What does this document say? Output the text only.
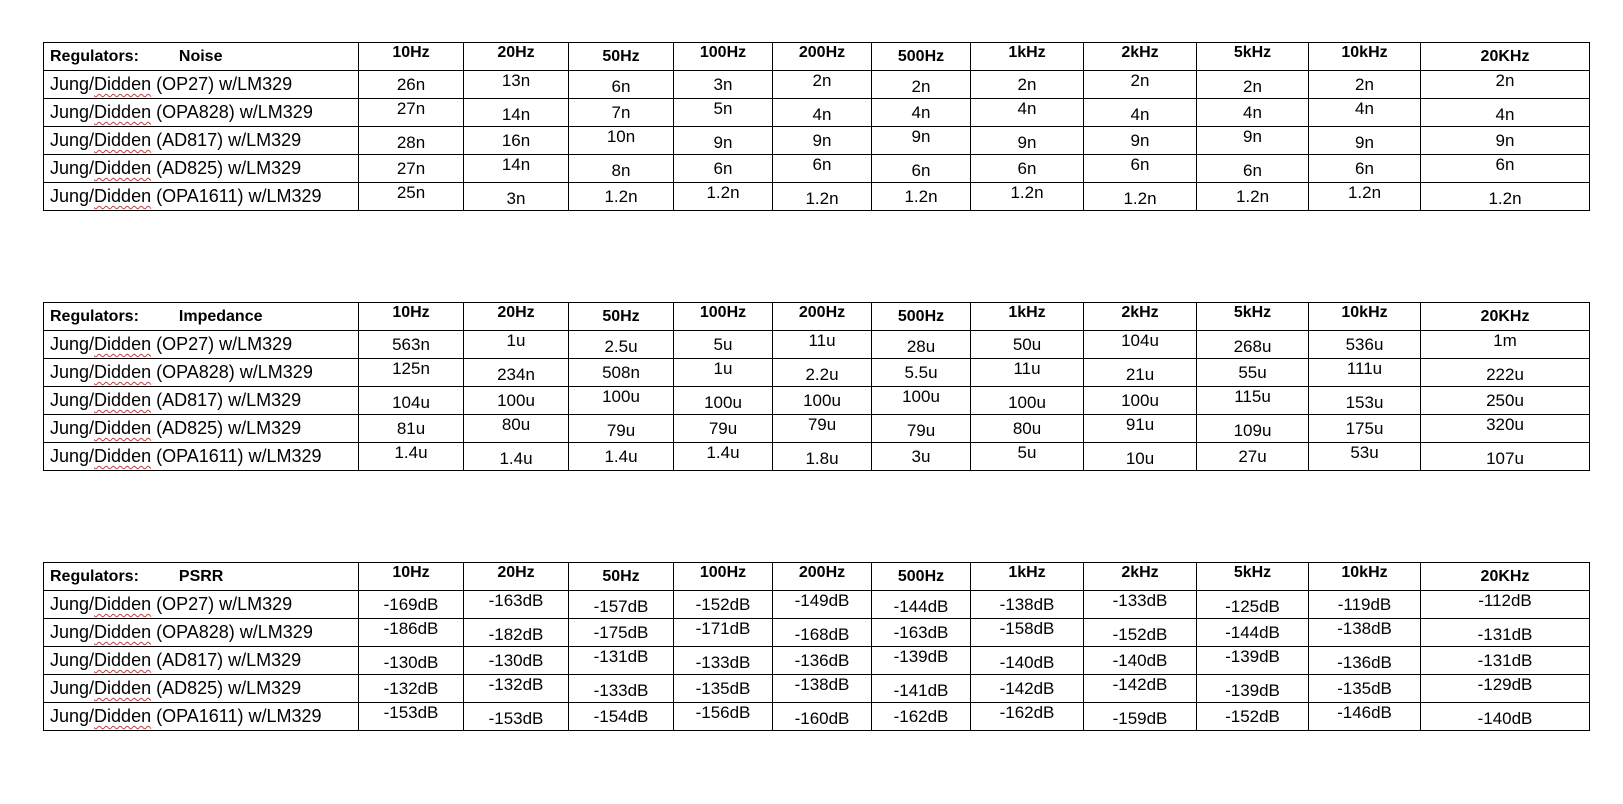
Regulators: Noise	10Hz	20Hz	50Hz	100Hz	200Hz	500Hz	1kHz	2kHz	5kHz	10kHz	20KHz
Jung/Didden (OP27) w/LM329	26n	13n	6n	3n	2n	2n	2n	2n	2n	2n	2n
Jung/Didden (OPA828) w/LM329	27n	14n	7n	5n	4n	4n	4n	4n	4n	4n	4n
Jung/Didden (AD817) w/LM329	28n	16n	10n	9n	9n	9n	9n	9n	9n	9n	9n
Jung/Didden (AD825) w/LM329	27n	14n	8n	6n	6n	6n	6n	6n	6n	6n	6n
Jung/Didden (OPA1611) w/LM329	25n	3n	1.2n	1.2n	1.2n	1.2n	1.2n	1.2n	1.2n	1.2n	1.2n
Regulators: Impedance	10Hz	20Hz	50Hz	100Hz	200Hz	500Hz	1kHz	2kHz	5kHz	10kHz	20KHz
Jung/Didden (OP27) w/LM329	563n	1u	2.5u	5u	11u	28u	50u	104u	268u	536u	1m
Jung/Didden (OPA828) w/LM329	125n	234n	508n	1u	2.2u	5.5u	11u	21u	55u	111u	222u
Jung/Didden (AD817) w/LM329	104u	100u	100u	100u	100u	100u	100u	100u	115u	153u	250u
Jung/Didden (AD825) w/LM329	81u	80u	79u	79u	79u	79u	80u	91u	109u	175u	320u
Jung/Didden (OPA1611) w/LM329	1.4u	1.4u	1.4u	1.4u	1.8u	3u	5u	10u	27u	53u	107u
Regulators: PSRR	10Hz	20Hz	50Hz	100Hz	200Hz	500Hz	1kHz	2kHz	5kHz	10kHz	20KHz
Jung/Didden (OP27) w/LM329	-169dB	-163dB	-157dB	-152dB	-149dB	-144dB	-138dB	-133dB	-125dB	-119dB	-112dB
Jung/Didden (OPA828) w/LM329	-186dB	-182dB	-175dB	-171dB	-168dB	-163dB	-158dB	-152dB	-144dB	-138dB	-131dB
Jung/Didden (AD817) w/LM329	-130dB	-130dB	-131dB	-133dB	-136dB	-139dB	-140dB	-140dB	-139dB	-136dB	-131dB
Jung/Didden (AD825) w/LM329	-132dB	-132dB	-133dB	-135dB	-138dB	-141dB	-142dB	-142dB	-139dB	-135dB	-129dB
Jung/Didden (OPA1611) w/LM329	-153dB	-153dB	-154dB	-156dB	-160dB	-162dB	-162dB	-159dB	-152dB	-146dB	-140dB
